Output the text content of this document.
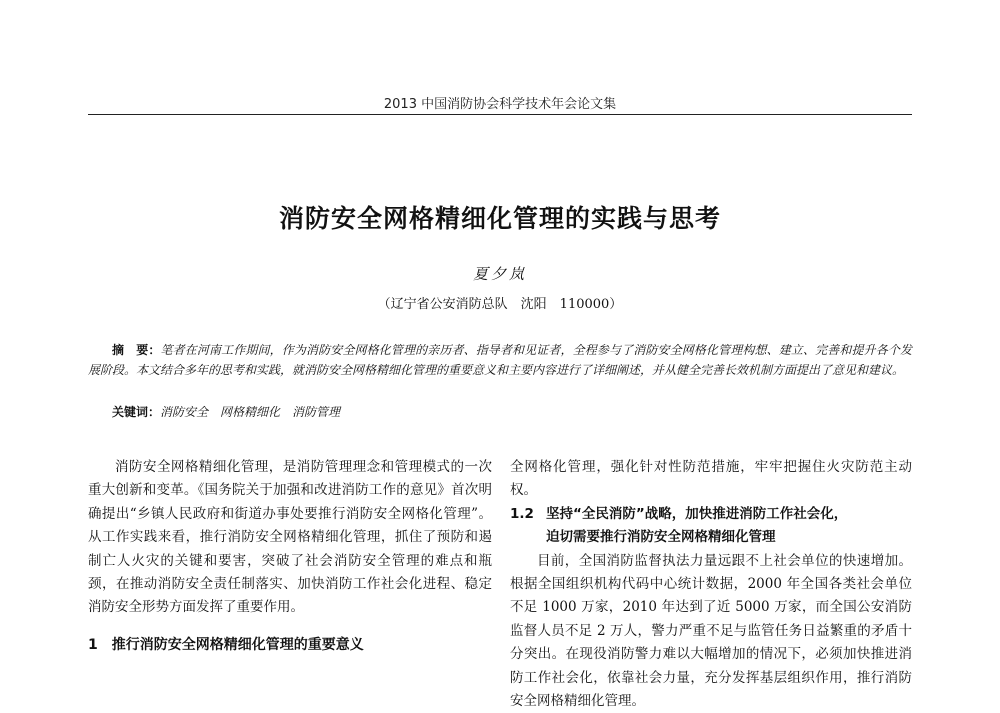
2013 中国消防协会科学技术年会论文集
消防安全网格精细化管理的实践与思考
夏夕岚
（辽宁省公安消防总队　沈阳　110000）
摘　要：笔者在河南工作期间，作为消防安全网格化管理的亲历者、指导者和见证者，全程参与了消防安全网格化管理构想、建立、完善和提升各个发展阶段。本文结合多年的思考和实践，就消防安全网格精细化管理的重要意义和主要内容进行了详细阐述，并从健全完善长效机制方面提出了意见和建议。
关键词：消防安全　网格精细化　消防管理

消防安全网格精细化管理，是消防管理理念和管理模式的一次重大创新和变革。《国务院关于加强和改进消防工作的意见》首次明确提出“乡镇人民政府和街道办事处要推行消防安全网格化管理”。从工作实践来看，推行消防安全网格精细化管理，抓住了预防和遏制亡人火灾的关键和要害，突破了社会消防安全管理的难点和瓶颈，在推动消防安全责任制落实、加快消防工作社会化进程、稳定消防安全形势方面发挥了重要作用。

1　推行消防安全网格精细化管理的重要意义

全网格化管理，强化针对性防范措施，牢牢把握住火灾防范主动权。

1.2 坚持“全民消防”战略，加快推进消防工作社会化，
迫切需要推行消防安全网格精细化管理

目前，全国消防监督执法力量远跟不上社会单位的快速增加。根据全国组织机构代码中心统计数据，2000 年全国各类社会单位不足 1000 万家，2010 年达到了近 5000 万家，而全国公安消防监督人员不足 2 万人，警力严重不足与监管任务日益繁重的矛盾十分突出。在现役消防警力难以大幅增加的情况下，必须加快推进消防工作社会化，依靠社会力量，充分发挥基层组织作用，推行消防安全网格精细化管理。
